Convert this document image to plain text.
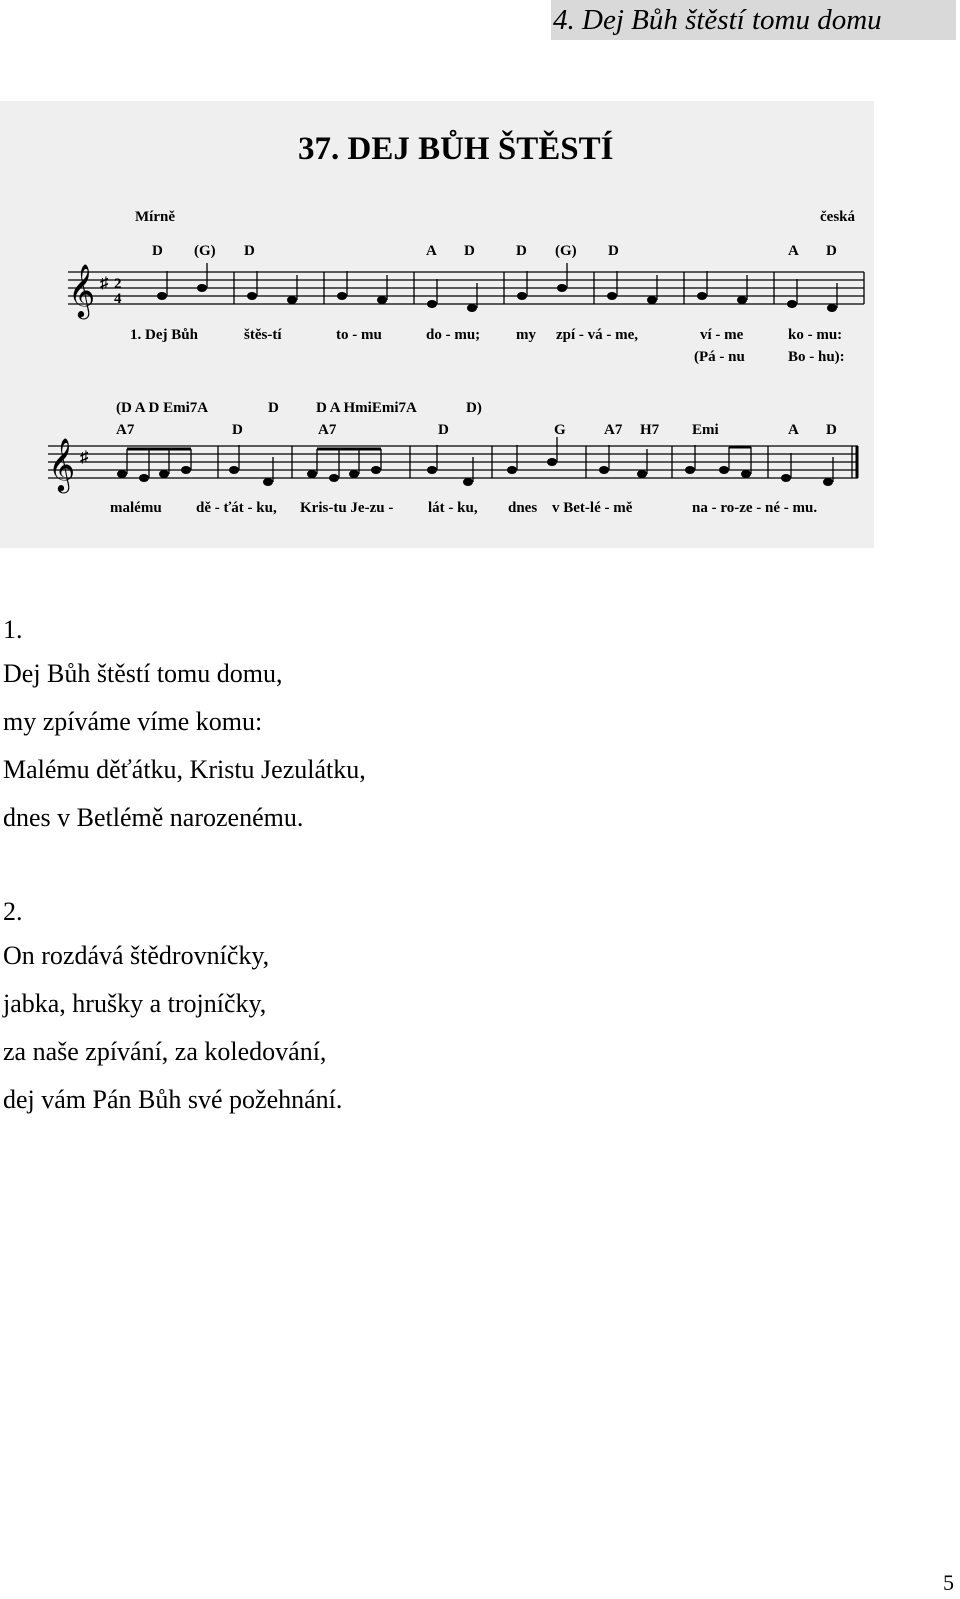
4. Dej Bůh štěstí tomu domu
37. DEJ BŮH ŠTĚSTÍ
Mírně	česká
D (G) D	A D	D (G) D	A D
𝄞 ♯ 2
4
1. Dej Bůh	štěs-tí	to - mu	do - mu; my zpí - vá - me,	ví - me	ko - mu:
(Pá - nu	Bo - hu):
(D A D Emi7A	D D A HmiEmi7A	D)
A7	D	A7	D	G	A7 H7 Emi	A D
𝄞 ♯
malému dě - ťát - ku, Kris-tu Je-zu - lát - ku, dnes v Bet-lé - mě	na - ro-ze - né - mu.
1.
Dej Bůh štěstí tomu domu,
my zpíváme víme komu:
Malému děťátku, Kristu Jezulátku,
dnes v Betlémě narozenému.
2.
On rozdává štědrovníčky,
jabka, hrušky a trojníčky,
za naše zpívání, za koledování,
dej vám Pán Bůh své požehnání.
5
